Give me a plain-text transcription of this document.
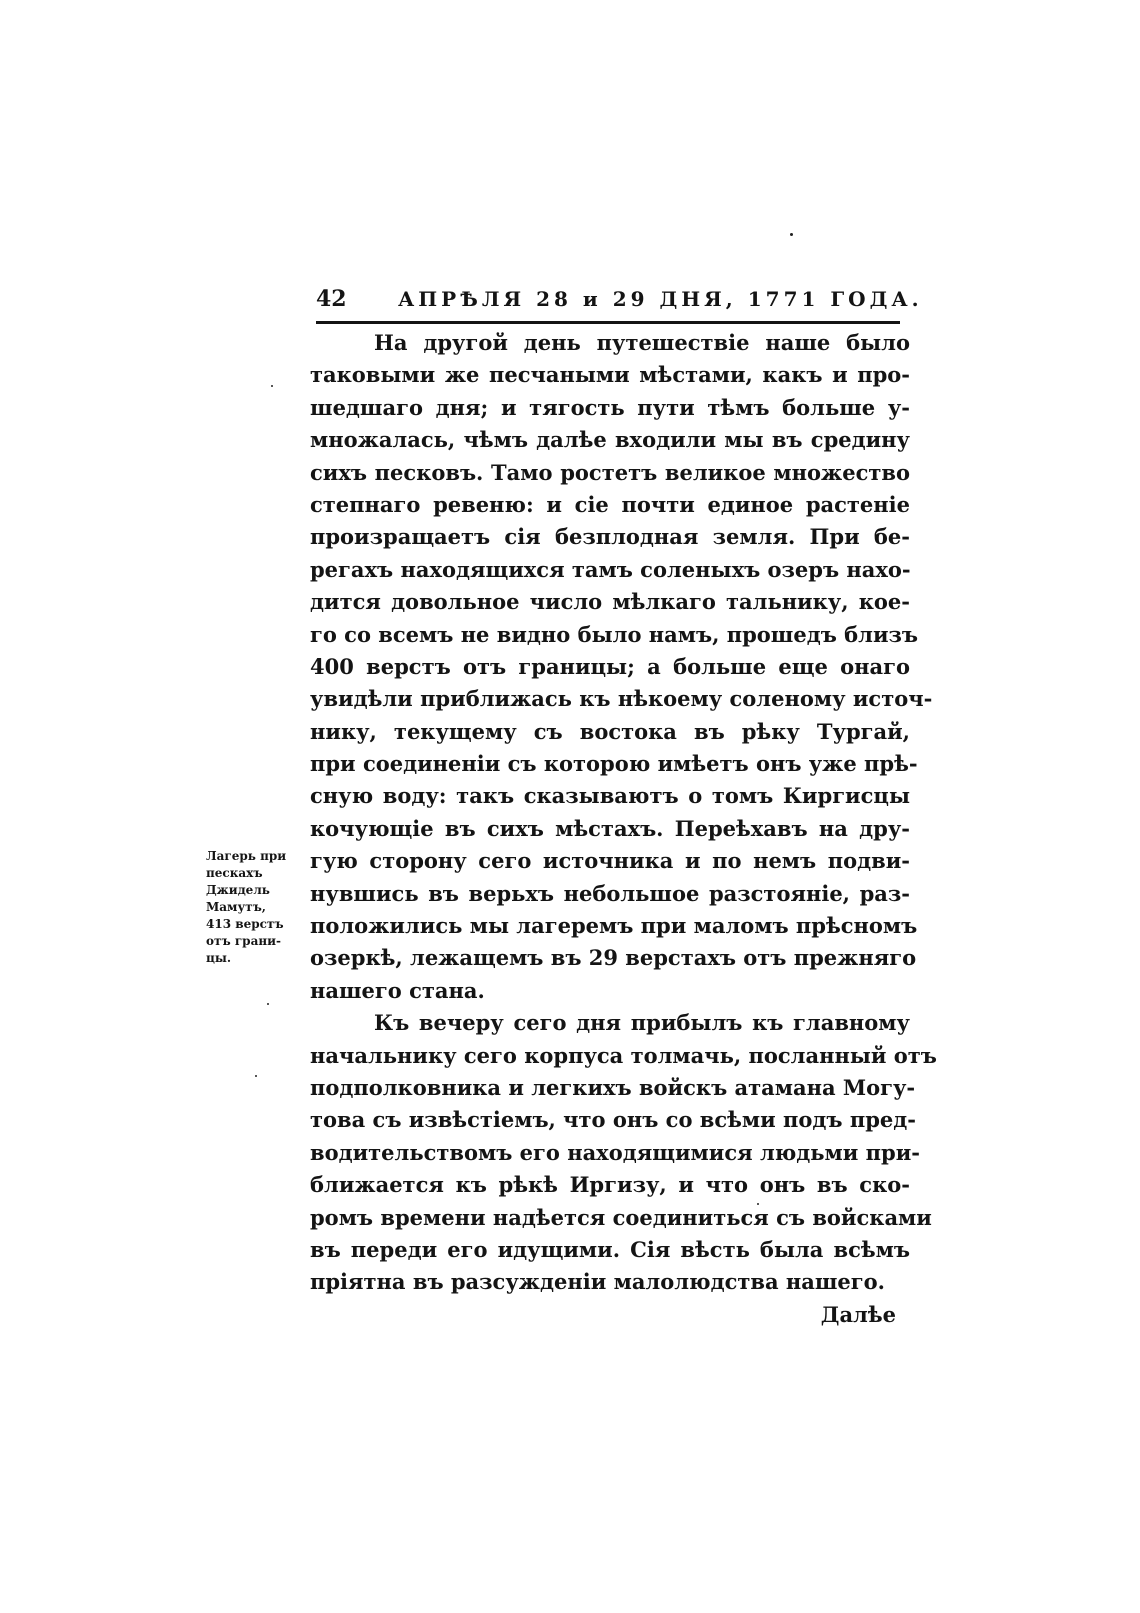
42	АПРѢЛЯ 28 и 29 ДНЯ, 1771 ГОДА.
На другой день путешествіе наше было
таковыми же песчаными мѣстами, какъ и про-
шедшаго дня; и тягость пути тѣмъ больше у-
множалась, чѣмъ далѣе входили мы въ средину
сихъ песковъ. Тамо ростетъ великое множество
степнаго ревеню: и сіе почти единое растеніе
произращаетъ сія безплодная земля. При бе-
регахъ находящихся тамъ соленыхъ озеръ нахо-
дится довольное число мѣлкаго тальнику, кое-
го со всемъ не видно было намъ, прошедъ близъ
400 верстъ отъ границы; а больше еще онаго
увидѣли приближась къ нѣкоему соленому источ-
нику, текущему съ востока въ рѣку Тургай,
при соединеніи съ которою имѣетъ онъ уже прѣ-
сную воду: такъ сказываютъ о томъ Киргисцы
кочующіе въ сихъ мѣстахъ. Переѣхавъ на дру-
гую сторону сего источника и по немъ подви-
нувшись въ верьхъ небольшое разстояніе, раз-
положились мы лагеремъ при маломъ прѣсномъ
озеркѣ, лежащемъ въ 29 верстахъ отъ прежняго
нашего стана.
Къ вечеру сего дня прибылъ къ главному
начальнику сего корпуса толмачь, посланный отъ
подполковника и легкихъ войскъ атамана Могу-
това съ извѣстіемъ, что онъ со всѣми подъ пред-
водительствомъ его находящимися людьми при-
ближается къ рѣкѣ Иргизу, и что онъ въ ско-
ромъ времени надѣется соединиться съ войсками
въ переди его идущими. Сія вѣсть была всѣмъ
пріятна въ разсужденіи малолюдства нашего.
Далѣе
Лагерь при
пескахъ
Джидель
Мамутъ,
413 верстъ
отъ грани-
цы.
